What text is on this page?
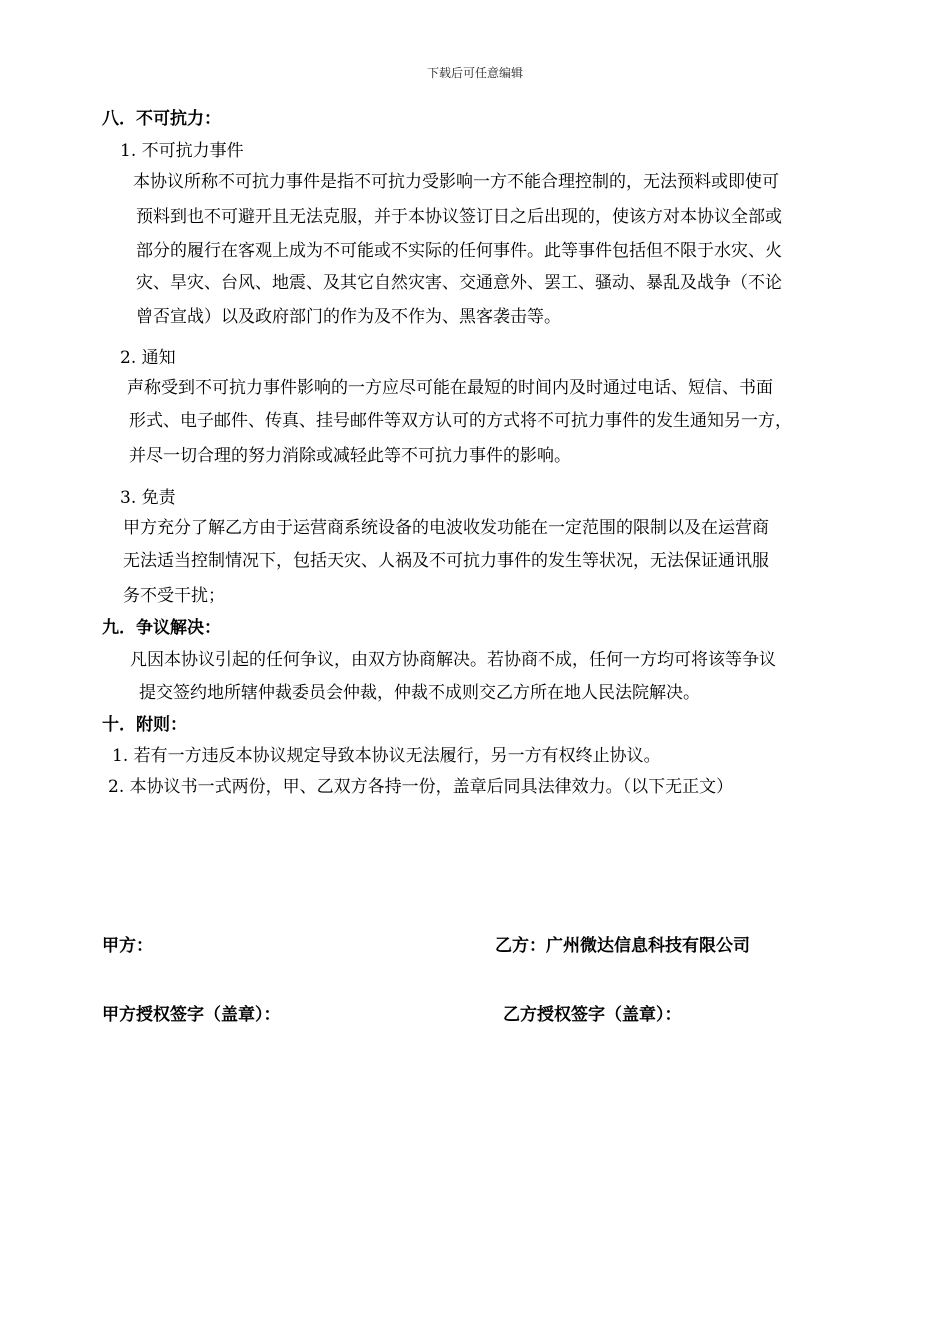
下载后可任意编辑
八．不可抗力：
1. 不可抗力事件
本协议所称不可抗力事件是指不可抗力受影响一方不能合理控制的，无法预料或即使可
预料到也不可避开且无法克服，并于本协议签订日之后出现的，使该方对本协议全部或
部分的履行在客观上成为不可能或不实际的任何事件。此等事件包括但不限于水灾、火
灾、旱灾、台风、地震、及其它自然灾害、交通意外、罢工、骚动、暴乱及战争（不论
曾否宣战）以及政府部门的作为及不作为、黑客袭击等。
2. 通知
声称受到不可抗力事件影响的一方应尽可能在最短的时间内及时通过电话、短信、书面
形式、电子邮件、传真、挂号邮件等双方认可的方式将不可抗力事件的发生通知另一方，
并尽一切合理的努力消除或减轻此等不可抗力事件的影响。
3. 免责
甲方充分了解乙方由于运营商系统设备的电波收发功能在一定范围的限制以及在运营商
无法适当控制情况下，包括天灾、人祸及不可抗力事件的发生等状况，无法保证通讯服
务不受干扰；
九．争议解决：
凡因本协议引起的任何争议，由双方协商解决。若协商不成，任何一方均可将该等争议
提交签约地所辖仲裁委员会仲裁，仲裁不成则交乙方所在地人民法院解决。
十．附则：
1. 若有一方违反本协议规定导致本协议无法履行，另一方有权终止协议。
2. 本协议书一式两份，甲、乙双方各持一份，盖章后同具法律效力。（以下无正文）
甲方：	乙方：广州微达信息科技有限公司
甲方授权签字（盖章）：	乙方授权签字（盖章）：
